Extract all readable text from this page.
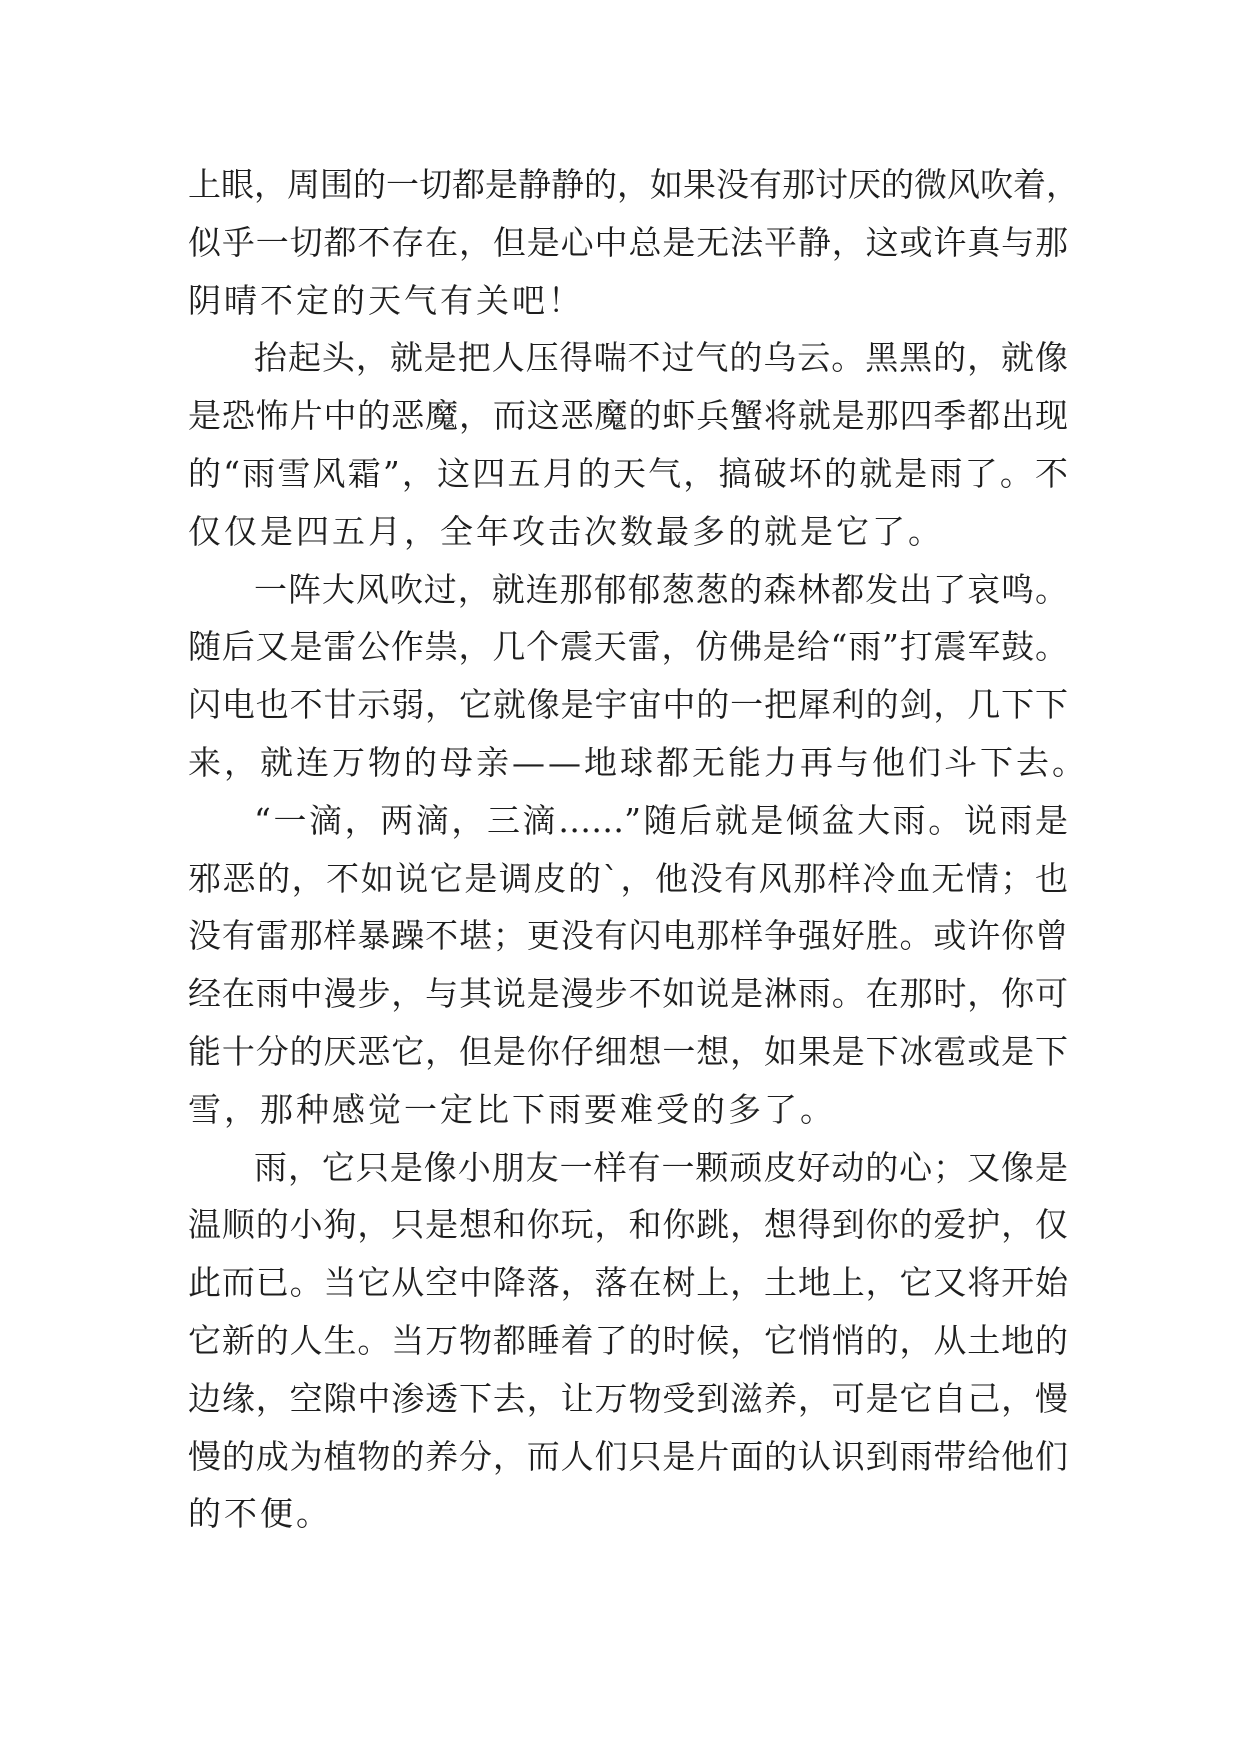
上眼，周围的一切都是静静的，如果没有那讨厌的微风吹着，
似乎一切都不存在，但是心中总是无法平静，这或许真与那
阴晴不定的天气有关吧！
抬起头，就是把人压得喘不过气的乌云。黑黑的，就像
是恐怖片中的恶魔，而这恶魔的虾兵蟹将就是那四季都出现
的“雨雪风霜”，这四五月的天气，搞破坏的就是雨了。不
仅仅是四五月，全年攻击次数最多的就是它了。
一阵大风吹过，就连那郁郁葱葱的森林都发出了哀鸣。
随后又是雷公作祟，几个震天雷，仿佛是给“雨”打震军鼓。
闪电也不甘示弱，它就像是宇宙中的一把犀利的剑，几下下
来，就连万物的母亲——地球都无能力再与他们斗下去。
“一滴，两滴，三滴……”随后就是倾盆大雨。说雨是
邪恶的，不如说它是调皮的`，他没有风那样冷血无情；也
没有雷那样暴躁不堪；更没有闪电那样争强好胜。或许你曾
经在雨中漫步，与其说是漫步不如说是淋雨。在那时，你可
能十分的厌恶它，但是你仔细想一想，如果是下冰雹或是下
雪，那种感觉一定比下雨要难受的多了。
雨，它只是像小朋友一样有一颗顽皮好动的心；又像是
温顺的小狗，只是想和你玩，和你跳，想得到你的爱护，仅
此而已。当它从空中降落，落在树上，土地上，它又将开始
它新的人生。当万物都睡着了的时候，它悄悄的，从土地的
边缘，空隙中渗透下去，让万物受到滋养，可是它自己，慢
慢的成为植物的养分，而人们只是片面的认识到雨带给他们
的不便。
